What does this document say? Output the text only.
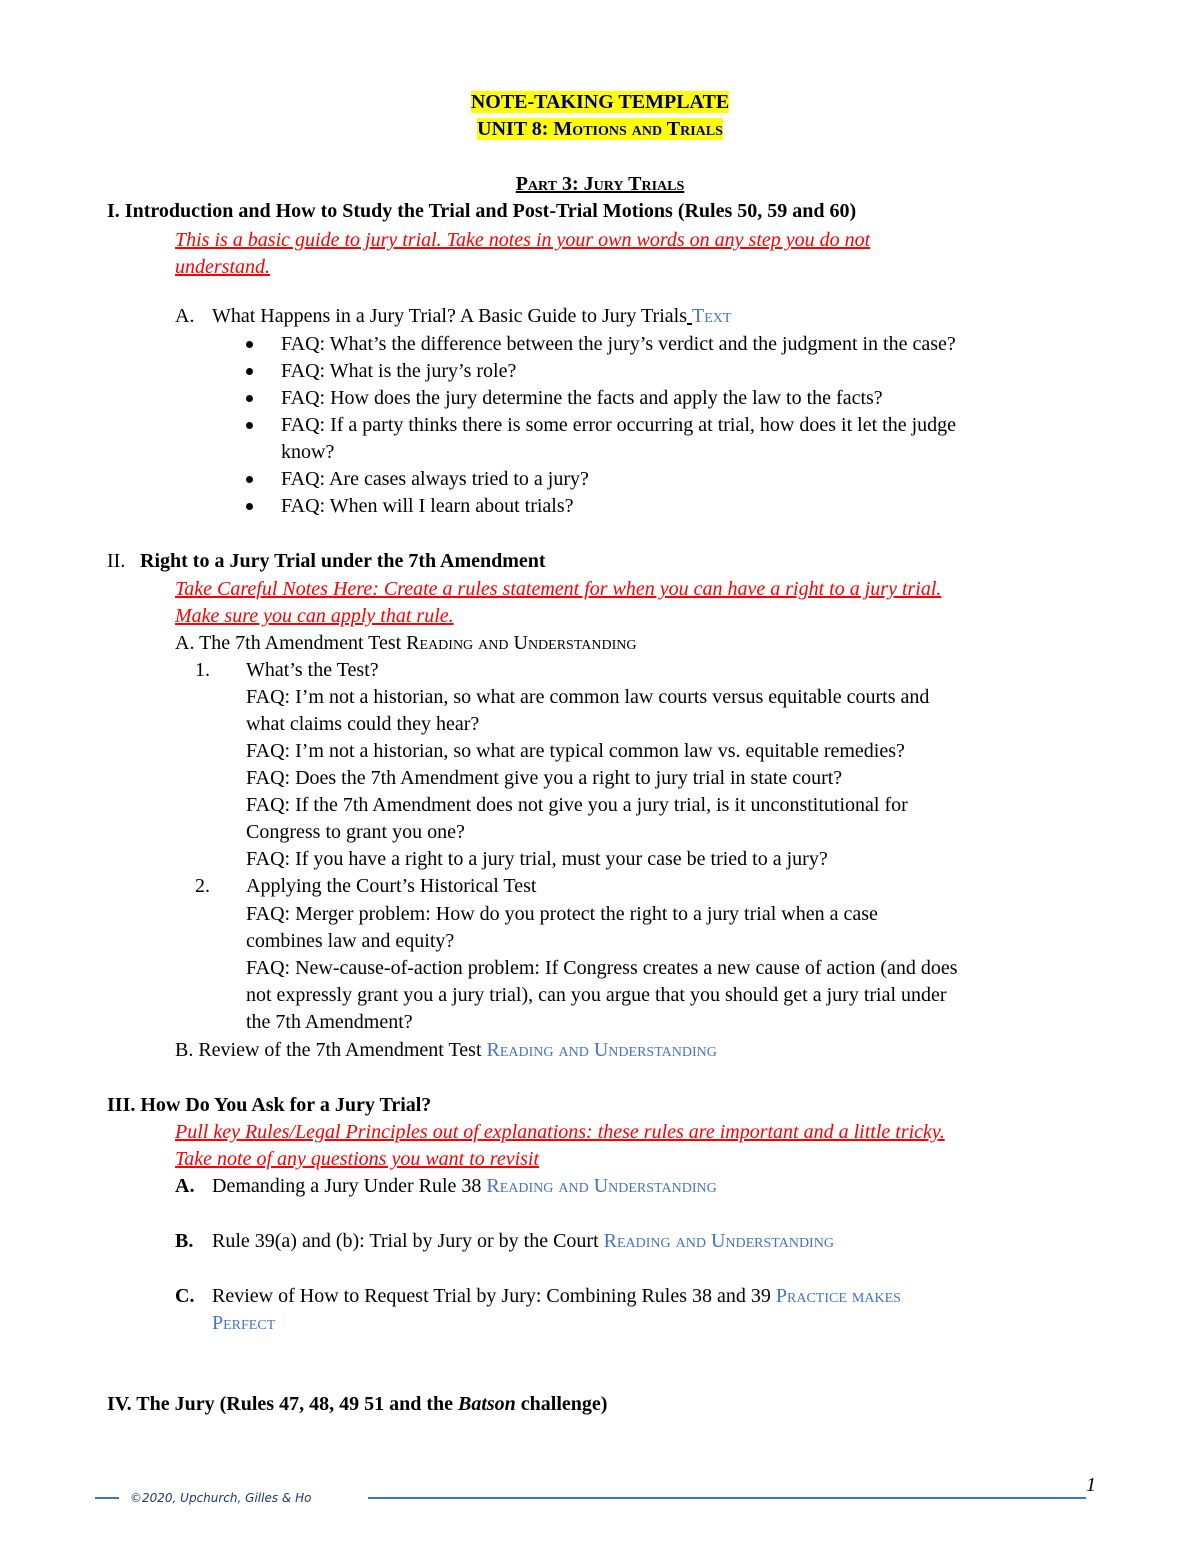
NOTE-TAKING TEMPLATE
UNIT 8: Motions and Trials
Part 3: Jury Trials
I. Introduction and How to Study the Trial and Post-Trial Motions (Rules 50, 59 and 60)
This is a basic guide to jury trial. Take notes in your own words on any step you do not
understand.
A. What Happens in a Jury Trial? A Basic Guide to Jury Trials Text
FAQ: What’s the difference between the jury’s verdict and the judgment in the case?
FAQ: What is the jury’s role?
FAQ: How does the jury determine the facts and apply the law to the facts?
FAQ: If a party thinks there is some error occurring at trial, how does it let the judge
know?
FAQ: Are cases always tried to a jury?
FAQ: When will I learn about trials?
II. Right to a Jury Trial under the 7th Amendment
Take Careful Notes Here: Create a rules statement for when you can have a right to a jury trial.
Make sure you can apply that rule.
A. The 7th Amendment Test Reading and Understanding
1. What’s the Test?
FAQ: I’m not a historian, so what are common law courts versus equitable courts and
what claims could they hear?
FAQ: I’m not a historian, so what are typical common law vs. equitable remedies?
FAQ: Does the 7th Amendment give you a right to jury trial in state court?
FAQ: If the 7th Amendment does not give you a jury trial, is it unconstitutional for
Congress to grant you one?
FAQ: If you have a right to a jury trial, must your case be tried to a jury?
2. Applying the Court’s Historical Test
FAQ: Merger problem: How do you protect the right to a jury trial when a case
combines law and equity?
FAQ: New-cause-of-action problem: If Congress creates a new cause of action (and does
not expressly grant you a jury trial), can you argue that you should get a jury trial under
the 7th Amendment?
B. Review of the 7th Amendment Test Reading and Understanding
III. How Do You Ask for a Jury Trial?
Pull key Rules/Legal Principles out of explanations: these rules are important and a little tricky.
Take note of any questions you want to revisit
A. Demanding a Jury Under Rule 38 Reading and Understanding
B. Rule 39(a) and (b): Trial by Jury or by the Court Reading and Understanding
C. Review of How to Request Trial by Jury: Combining Rules 38 and 39 Practice makes
Perfect
IV. The Jury (Rules 47, 48, 49 51 and the Batson challenge)
©2020, Upchurch, Gilles & Ho
1
